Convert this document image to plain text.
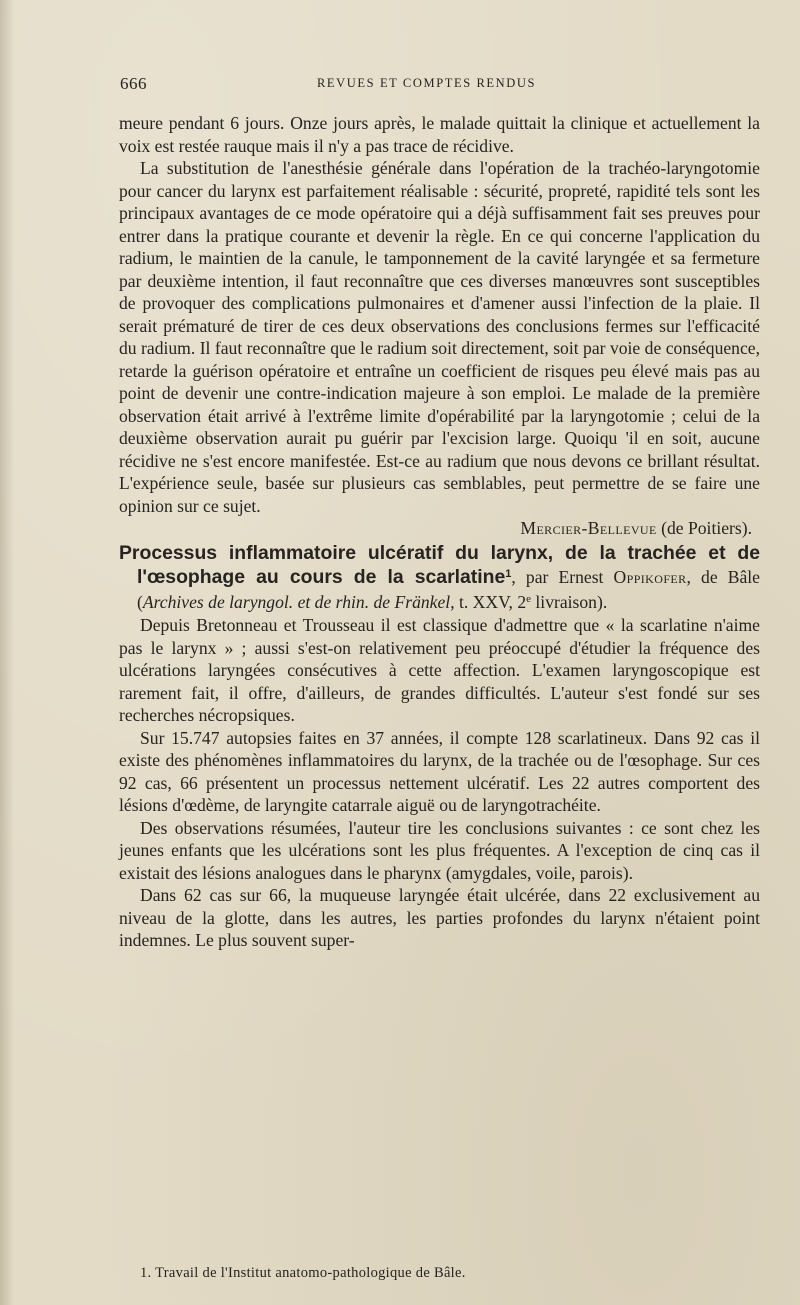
666	REVUES ET COMPTES RENDUS

meure pendant 6 jours. Onze jours après, le malade quittait la clinique et actuellement la voix est restée rauque mais il n'y a pas trace de récidive.

La substitution de l'anesthésie générale dans l'opération de la trachéo-laryngotomie pour cancer du larynx est parfaitement réalisable : sécurité, propreté, rapidité tels sont les principaux avantages de ce mode opératoire qui a déjà suffisamment fait ses preuves pour entrer dans la pratique courante et devenir la règle. En ce qui concerne l'application du radium, le maintien de la canule, le tamponnement de la cavité laryngée et sa fermeture par deuxième intention, il faut reconnaître que ces diverses manœuvres sont susceptibles de provoquer des complications pulmonaires et d'amener aussi l'infection de la plaie. Il serait prématuré de tirer de ces deux observations des conclusions fermes sur l'efficacité du radium. Il faut reconnaître que le radium soit directement, soit par voie de conséquence, retarde la guérison opératoire et entraîne un coefficient de risques peu élevé mais pas au point de devenir une contre-indication majeure à son emploi. Le malade de la première observation était arrivé à l'extrême limite d'opérabilité par la laryngotomie ; celui de la deuxième observation aurait pu guérir par l'excision large. Quoiqu 'il en soit, aucune récidive ne s'est encore manifestée. Est-ce au radium que nous devons ce brillant résultat. L'expérience seule, basée sur plusieurs cas semblables, peut permettre de se faire une opinion sur ce sujet.

Mercier-Bellevue (de Poitiers).

Processus inflammatoire ulcératif du larynx, de la trachée et de l'œsophage au cours de la scarlatine$^1$, par Ernest Oppikofer, de Bâle (Archives de laryngol. et de rhin. de Fränkel, t. XXV, 2e livraison).

Depuis Bretonneau et Trousseau il est classique d'admettre que « la scarlatine n'aime pas le larynx » ; aussi s'est-on relativement peu préoccupé d'étudier la fréquence des ulcérations laryngées consécutives à cette affection. L'examen laryngoscopique est rarement fait, il offre, d'ailleurs, de grandes difficultés. L'auteur s'est fondé sur ses recherches nécropsiques.

Sur 15.747 autopsies faites en 37 années, il compte 128 scarlatineux. Dans 92 cas il existe des phénomènes inflammatoires du larynx, de la trachée ou de l'œsophage. Sur ces 92 cas, 66 présentent un processus nettement ulcératif. Les 22 autres comportent des lésions d'œdème, de laryngite catarrale aiguë ou de laryngotrachéite.

Des observations résumées, l'auteur tire les conclusions suivantes : ce sont chez les jeunes enfants que les ulcérations sont les plus fréquentes. A l'exception de cinq cas il existait des lésions analogues dans le pharynx (amygdales, voile, parois).

Dans 62 cas sur 66, la muqueuse laryngée était ulcérée, dans 22 exclusivement au niveau de la glotte, dans les autres, les parties profondes du larynx n'étaient point indemnes. Le plus souvent super-

1. Travail de l'Institut anatomo-pathologique de Bâle.
